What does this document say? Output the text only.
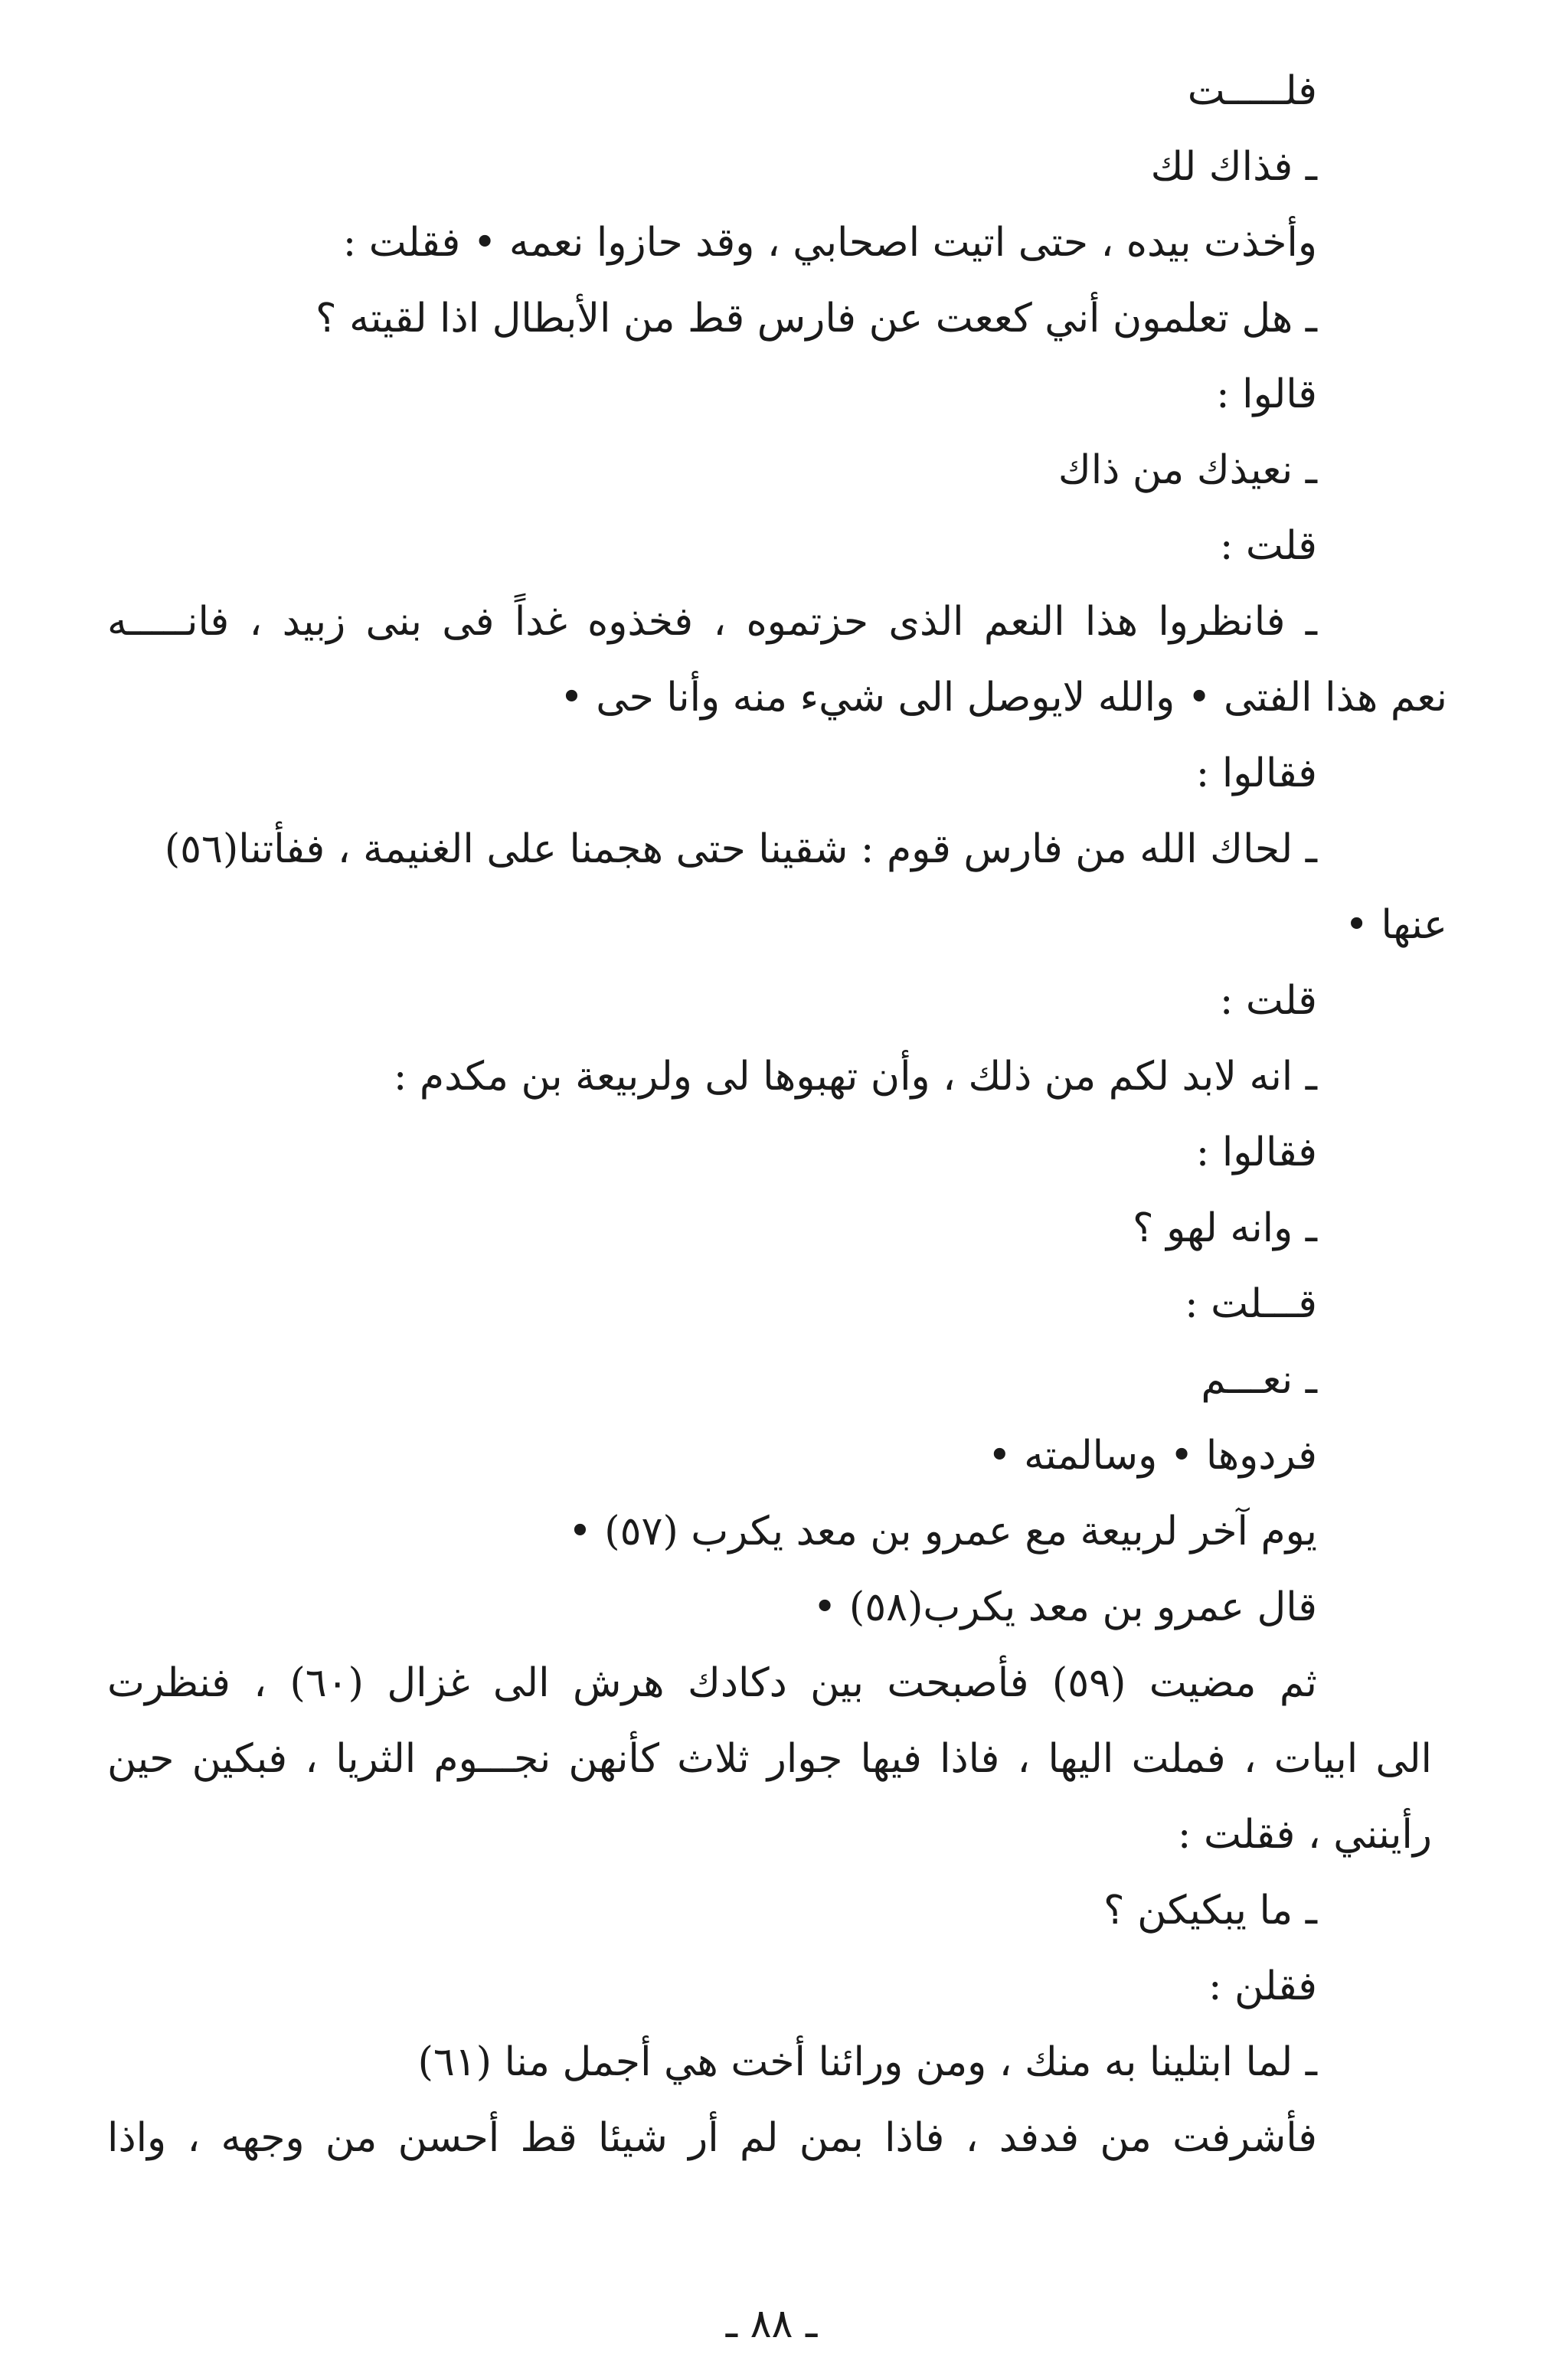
فلـــــت
ـ فذاك لك
وأخذت بيده ، حتى اتيت اصحابي ، وقد حازوا نعمه • فقلت :
ـ هل تعلمون أني كععت عن فارس قط من الأبطال اذا لقيته ؟
قالوا :
ـ نعيذك من ذاك
قلت :
ـ فانظروا هذا النعم الذى حزتموه ، فخذوه غداً فى بنى زبيد ، فانـــــه
نعم هذا الفتى • والله لايوصل الى شيء منه وأنا حى •
فقالوا :
ـ لحاك الله من فارس قوم : شقينا حتى هجمنا على الغنيمة ، ففأتنا(٥٦)
عنها •
قلت :
ـ انه لابد لكم من ذلك ، وأن تهبوها لى ولربيعة بن مكدم :
فقالوا :
ـ وانه لهو ؟
قـــلت :
ـ نعـــم
فردوها • وسالمته •
يوم آخر لربيعة مع عمرو بن معد يكرب (٥٧) •
قال عمرو بن معد يكرب(٥٨) •
ثم مضيت (٥٩) فأصبحت بين دكادك هرش الى غزال (٦٠) ، فنظرت
الى ابيات ، فملت اليها ، فاذا فيها جوار ثلاث كأنهن نجـــوم الثريا ، فبكين حين
رأينني ، فقلت :
ـ ما يبكيكن ؟
فقلن :
ـ لما ابتلينا به منك ، ومن ورائنا أخت هي أجمل منا (٦١)
فأشرفت من فدفد ، فاذا بمن لم أر شيئا قط أحسن من وجهه ، واذا
ـ ٨٨ ـ
